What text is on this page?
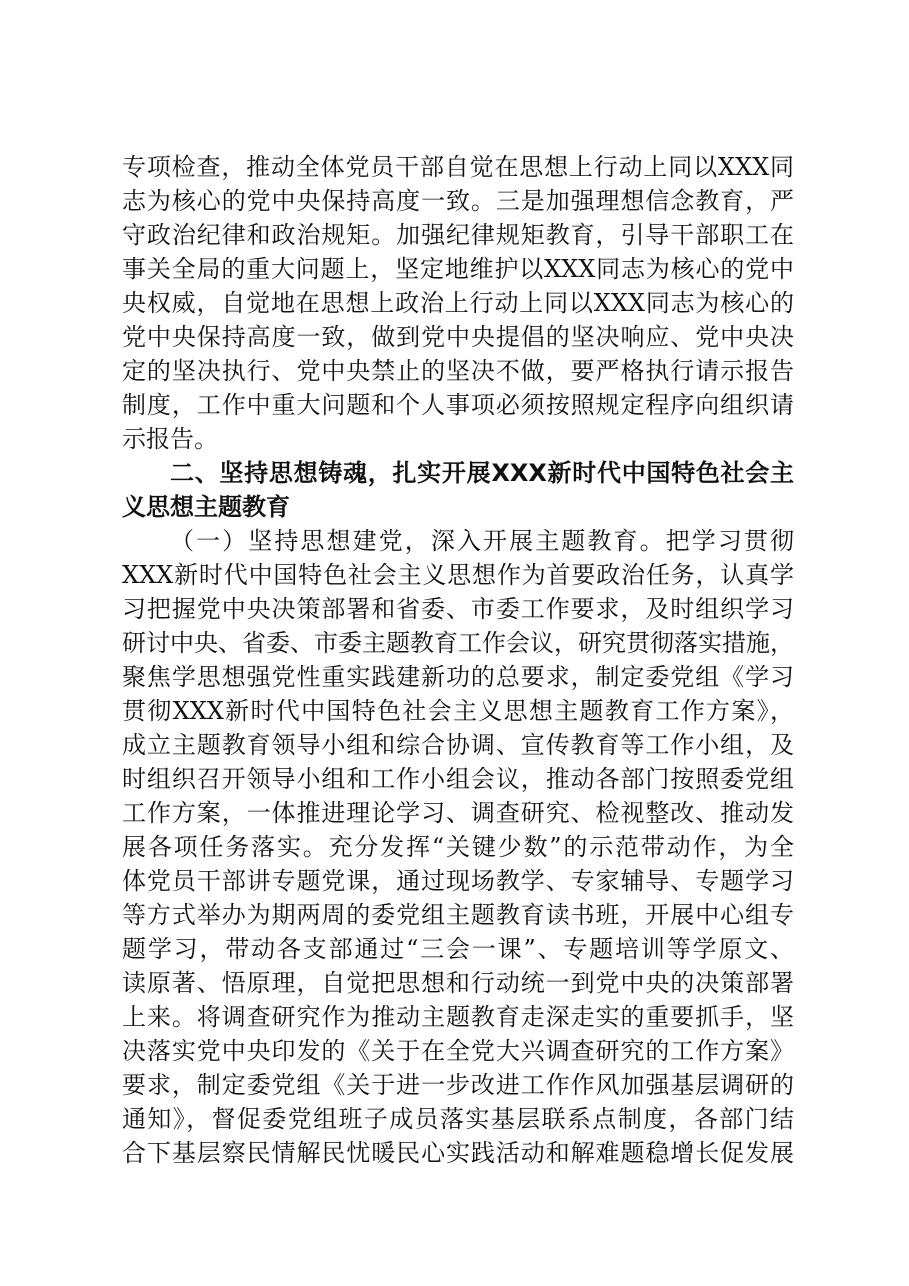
专项检查，推动全体党员干部自觉在思想上行动上同以XXX同
志为核心的党中央保持高度一致。三是加强理想信念教育，严
守政治纪律和政治规矩。加强纪律规矩教育，引导干部职工在
事关全局的重大问题上，坚定地维护以XXX同志为核心的党中
央权威，自觉地在思想上政治上行动上同以XXX同志为核心的
党中央保持高度一致，做到党中央提倡的坚决响应、党中央决
定的坚决执行、党中央禁止的坚决不做，要严格执行请示报告
制度，工作中重大问题和个人事项必须按照规定程序向组织请
示报告。
二、坚持思想铸魂，扎实开展XXX新时代中国特色社会主
义思想主题教育
（一）坚持思想建党，深入开展主题教育。把学习贯彻
XXX新时代中国特色社会主义思想作为首要政治任务，认真学
习把握党中央决策部署和省委、市委工作要求，及时组织学习
研讨中央、省委、市委主题教育工作会议，研究贯彻落实措施，
聚焦学思想强党性重实践建新功的总要求，制定委党组《学习
贯彻XXX新时代中国特色社会主义思想主题教育工作方案》，
成立主题教育领导小组和综合协调、宣传教育等工作小组，及
时组织召开领导小组和工作小组会议，推动各部门按照委党组
工作方案，一体推进理论学习、调查研究、检视整改、推动发
展各项任务落实。充分发挥“关键少数”的示范带动作，为全
体党员干部讲专题党课，通过现场教学、专家辅导、专题学习
等方式举办为期两周的委党组主题教育读书班，开展中心组专
题学习，带动各支部通过“三会一课”、专题培训等学原文、
读原著、悟原理，自觉把思想和行动统一到党中央的决策部署
上来。将调查研究作为推动主题教育走深走实的重要抓手，坚
决落实党中央印发的《关于在全党大兴调查研究的工作方案》
要求，制定委党组《关于进一步改进工作作风加强基层调研的
通知》，督促委党组班子成员落实基层联系点制度，各部门结
合下基层察民情解民忧暖民心实践活动和解难题稳增长促发展
